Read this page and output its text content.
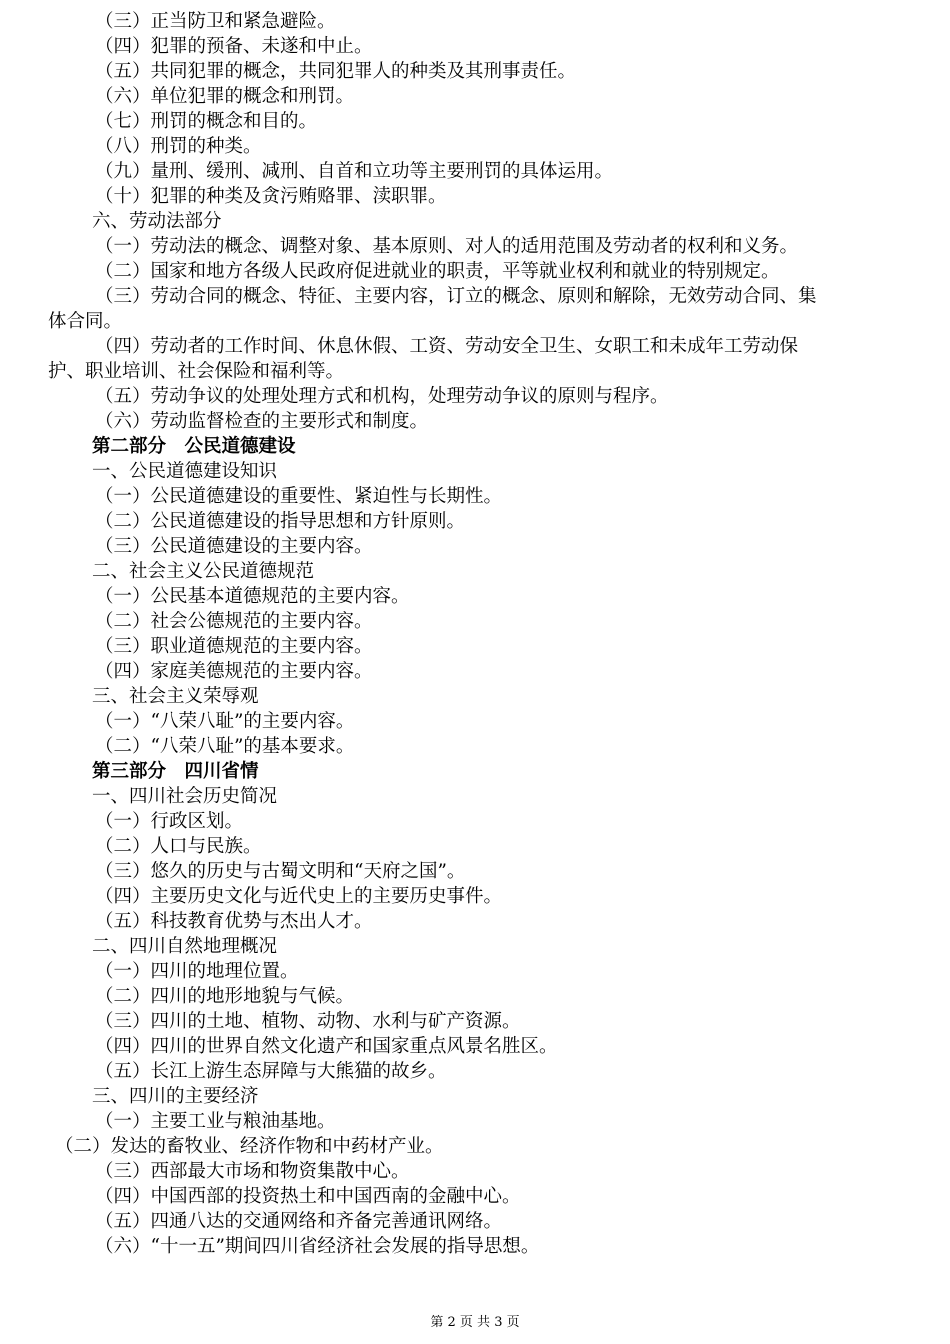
（三）正当防卫和紧急避险。
（四）犯罪的预备、未遂和中止。
（五）共同犯罪的概念，共同犯罪人的种类及其刑事责任。
（六）单位犯罪的概念和刑罚。
（七）刑罚的概念和目的。
（八）刑罚的种类。
（九）量刑、缓刑、减刑、自首和立功等主要刑罚的具体运用。
（十）犯罪的种类及贪污贿赂罪、渎职罪。
六、劳动法部分
（一）劳动法的概念、调整对象、基本原则、对人的适用范围及劳动者的权利和义务。
（二）国家和地方各级人民政府促进就业的职责，平等就业权利和就业的特别规定。
（三）劳动合同的概念、特征、主要内容，订立的概念、原则和解除，无效劳动合同、集
体合同。
（四）劳动者的工作时间、休息休假、工资、劳动安全卫生、女职工和未成年工劳动保
护、职业培训、社会保险和福利等。
（五）劳动争议的处理处理方式和机构，处理劳动争议的原则与程序。
（六）劳动监督检查的主要形式和制度。
第二部分　公民道德建设
一、公民道德建设知识
（一）公民道德建设的重要性、紧迫性与长期性。
（二）公民道德建设的指导思想和方针原则。
（三）公民道德建设的主要内容。
二、社会主义公民道德规范
（一）公民基本道德规范的主要内容。
（二）社会公德规范的主要内容。
（三）职业道德规范的主要内容。
（四）家庭美德规范的主要内容。
三、社会主义荣辱观
（一）“八荣八耻”的主要内容。
（二）“八荣八耻”的基本要求。
第三部分　四川省情
一、四川社会历史简况
（一）行政区划。
（二）人口与民族。
（三）悠久的历史与古蜀文明和“天府之国”。
（四）主要历史文化与近代史上的主要历史事件。
（五）科技教育优势与杰出人才。
二、四川自然地理概况
（一）四川的地理位置。
（二）四川的地形地貌与气候。
（三）四川的土地、植物、动物、水利与矿产资源。
（四）四川的世界自然文化遗产和国家重点风景名胜区。
（五）长江上游生态屏障与大熊猫的故乡。
三、四川的主要经济
（一）主要工业与粮油基地。
（二）发达的畜牧业、经济作物和中药材产业。
（三）西部最大市场和物资集散中心。
（四）中国西部的投资热土和中国西南的金融中心。
（五）四通八达的交通网络和齐备完善通讯网络。
（六）“十一五”期间四川省经济社会发展的指导思想。
第 2 页 共 3 页
